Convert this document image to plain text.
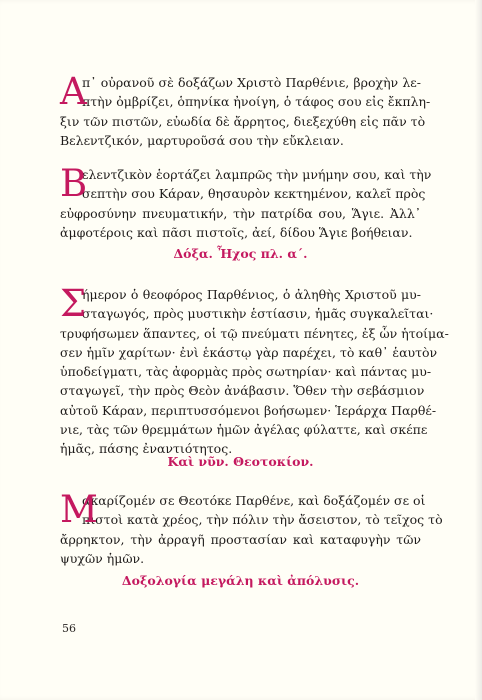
Α
π᾽ οὐρανοῦ σὲ δοξάζων Χριστὸ Παρθένιε, βροχὴν λε-
πτὴν ὀμβρίζει, ὁπηνίκα ἠνοίγη, ὁ τάφος σου εἰς ἔκπλη-
ξιν τῶν πιστῶν, εὐωδία δὲ ἄρρητος, διεξεχύθη εἰς πᾶν τὸ
Βελεντζικόν, μαρτυροῦσά σου τὴν εὔκλειαν.
Β
ελεντζικὸν ἑορτάζει λαμπρῶς τὴν μνήμην σου, καὶ τὴν
σεπτὴν σου Κάραν, θησαυρὸν κεκτημένον, καλεῖ πρὸς
εὐφροσύνην πνευματικήν, τὴν πατρίδα σου, Ἅγιε. Ἀλλ᾽
ἀμφοτέροις καὶ πᾶσι πιστοῖς, ἀεί, δίδου Ἅγιε βοήθειαν.
Δόξα. Ἦχος πλ. α΄.
Σ
ήμερον ὁ θεοφόρος Παρθένιος, ὁ ἀληθὴς Χριστοῦ μυ-
σταγωγός, πρὸς μυστικὴν ἑστίασιν, ἡμᾶς συγκαλεῖται·
τρυφήσωμεν ἅπαντες, οἱ τῷ πνεύματι πένητες, ἐξ ὧν ἡτοίμα-
σεν ἡμῖν χαρίτων· ἐνὶ ἑκάστῳ γὰρ παρέχει, τὸ καθ᾽ ἑαυτὸν
ὑποδείγματι, τὰς ἀφορμὰς πρὸς σωτηρίαν· καὶ πάντας μυ-
σταγωγεῖ, τὴν πρὸς Θεὸν ἀνάβασιν. Ὅθεν τὴν σεβάσμιον
αὐτοῦ Κάραν, περιπτυσσόμενοι βοήσωμεν· Ἱεράρχα Παρθέ-
νιε, τὰς τῶν θρεμμάτων ἡμῶν ἀγέλας φύλαττε, καὶ σκέπε
ἡμᾶς, πάσης ἐναντιότητος.
Καὶ νῦν. Θεοτοκίον.
Μ
ακαρίζομέν σε Θεοτόκε Παρθένε, καὶ δοξάζομέν σε οἱ
πιστοὶ κατὰ χρέος, τὴν πόλιν τὴν ἄσειστον, τὸ τεῖχος τὸ
ἄρρηκτον, τὴν ἀρραγῆ προστασίαν καὶ καταφυγὴν τῶν
ψυχῶν ἡμῶν.
Δοξολογία μεγάλη καὶ ἀπόλυσις.
56
